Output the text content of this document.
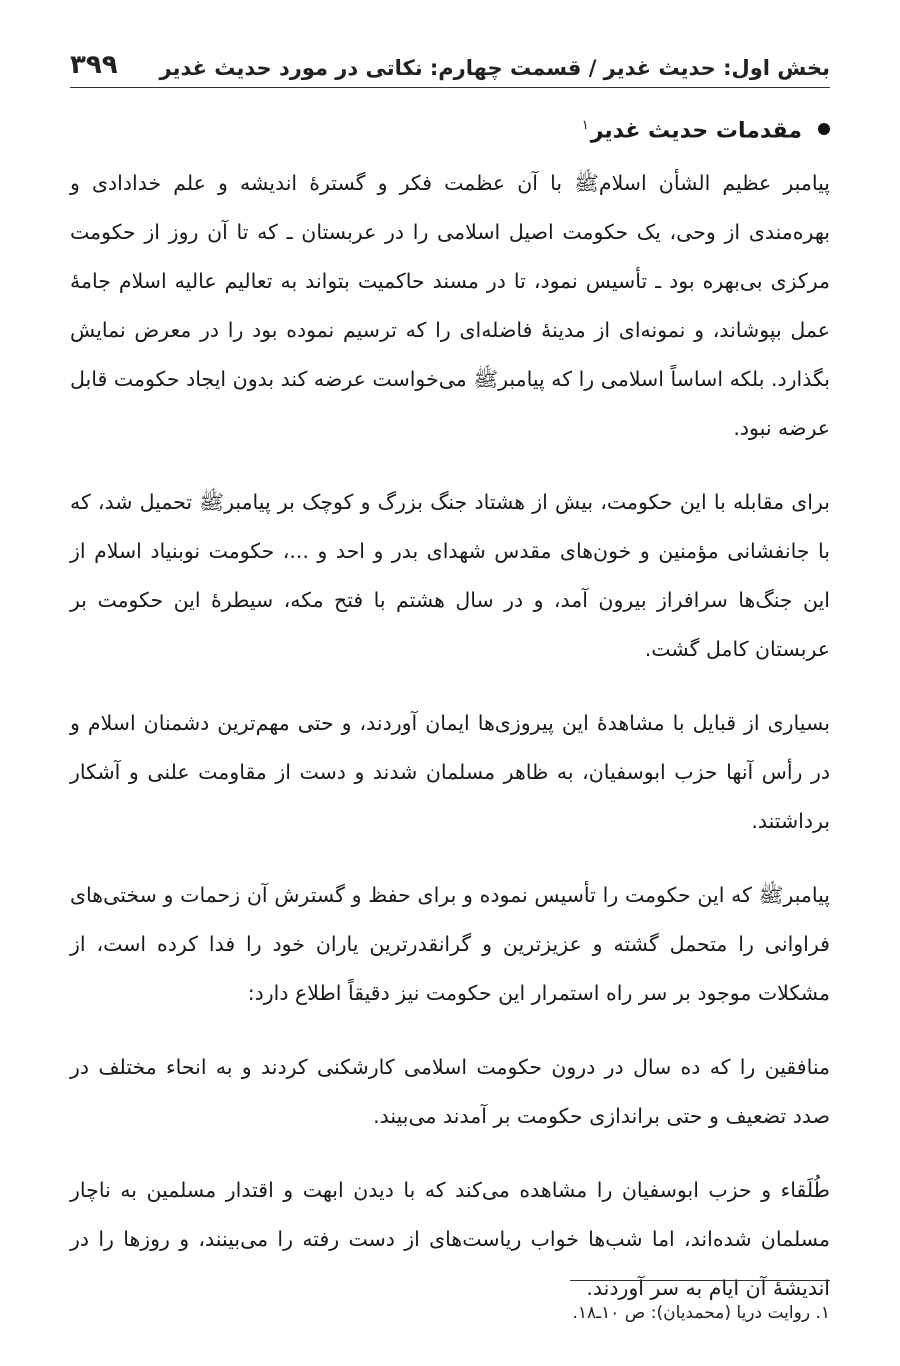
بخش اول: حدیث غدیر / قسمت چهارم: نکاتی در مورد حدیث غدیر
۳۹۹
مقدمات حدیث غدیر$^۱$

پیامبر عظیم الشأن اسلامﷺ با آن عظمت فکر و گسترهٔ اندیشه و علم خدادادی و بهره‌مندی از وحی، یک حکومت اصیل اسلامی را در عربستان ـ که تا آن روز از حکومت مرکزی بی‌بهره بود ـ تأسیس نمود، تا در مسند حاکمیت بتواند به تعالیم عالیه اسلام جامهٔ عمل بپوشاند، و نمونه‌ای از مدینهٔ فاضله‌ای را که ترسیم نموده بود را در معرض نمایش بگذارد. بلکه اساساً اسلامی را که پیامبرﷺ می‌خواست عرضه کند بدون ایجاد حکومت قابل عرضه نبود.

برای مقابله با این حکومت، بیش از هشتاد جنگ بزرگ و کوچک بر پیامبرﷺ تحمیل شد، که با جانفشانی مؤمنین و خون‌های مقدس شهدای بدر و احد و ...، حکومت نوبنیاد اسلام از این جنگ‌ها سرافراز بیرون آمد، و در سال هشتم با فتح مکه، سیطرهٔ این حکومت بر عربستان کامل گشت.

بسیاری از قبایل با مشاهدهٔ این پیروزی‌ها ایمان آوردند، و حتی مهم‌ترین دشمنان اسلام و در رأس آنها حزب ابوسفیان، به ظاهر مسلمان شدند و دست از مقاومت علنی و آشکار برداشتند.

پیامبرﷺ که این حکومت را تأسیس نموده و برای حفظ و گسترش آن زحمات و سختی‌های فراوانی را متحمل گشته و عزیزترین و گرانقدرترین یاران خود را فدا کرده است، از مشکلات موجود بر سر راه استمرار این حکومت نیز دقیقاً اطلاع دارد:

منافقین را که ده سال در درون حکومت اسلامی کارشکنی کردند و به انحاء مختلف در صدد تضعیف و حتی براندازی حکومت بر آمدند می‌بیند.

طُلَقاء و حزب ابوسفیان را مشاهده می‌کند که با دیدن ابهت و اقتدار مسلمین به ناچار مسلمان شده‌اند، اما شب‌ها خواب ریاست‌های از دست رفته را می‌بینند، و روزها را در اندیشهٔ آن ایام به سر آوردند.

۱. روایت دریا (محمدیان): ص ۱۰ـ۱۸.
